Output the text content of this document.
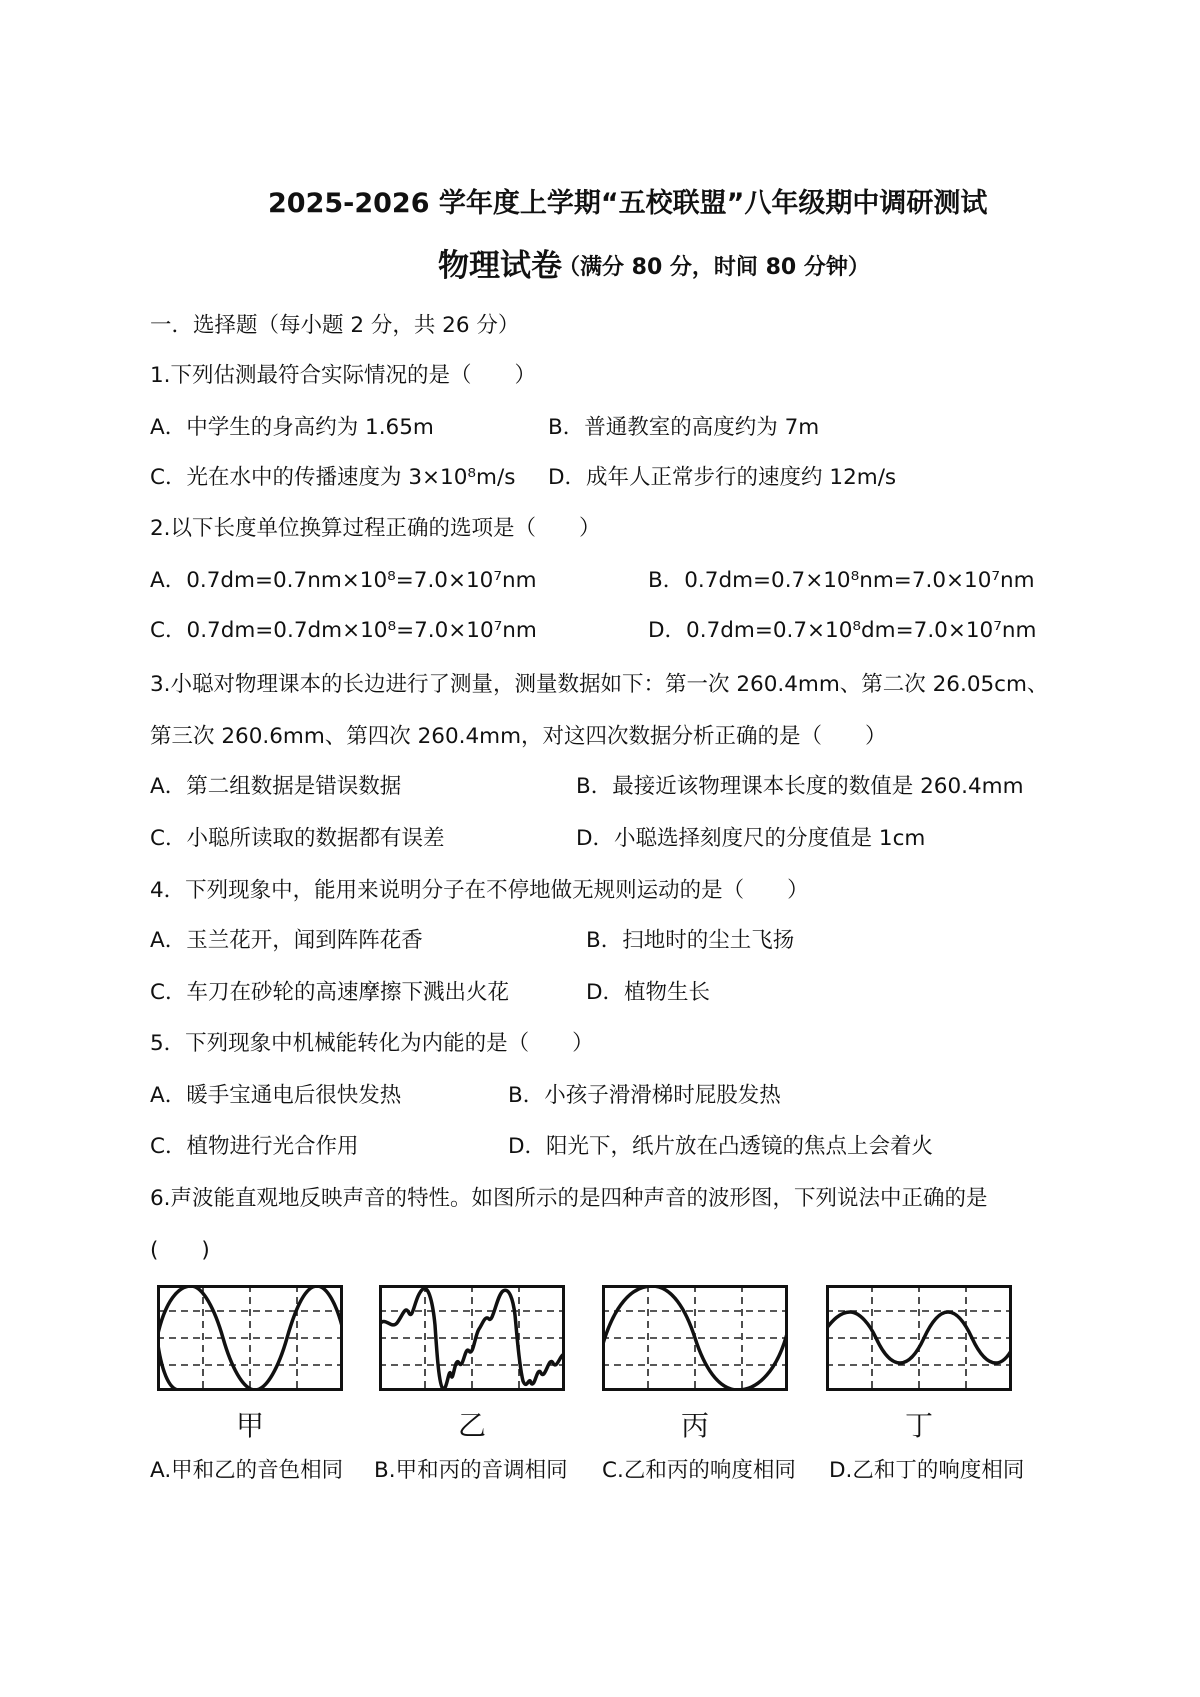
2025-2026 学年度上学期“五校联盟”八年级期中调研测试
物理试卷
（满分 80 分，时间 80 分钟）
一．选择题（每小题 2 分，共 26 分）
1.下列估测最符合实际情况的是（　　）
A．中学生的身高约为 1.65m	B．普通教室的高度约为 7m
C．光在水中的传播速度为 3×10⁸m/s D．成年人正常步行的速度约 12m/s
2.以下长度单位换算过程正确的选项是（　　）
A．0.7dm=0.7nm×10⁸=7.0×10⁷nm	B．0.7dm=0.7×10⁸nm=7.0×10⁷nm
C．0.7dm=0.7dm×10⁸=7.0×10⁷nm	D．0.7dm=0.7×10⁸dm=7.0×10⁷nm
3.小聪对物理课本的长边进行了测量，测量数据如下：第一次 260.4mm、第二次 26.05cm、
第三次 260.6mm、第四次 260.4mm，对这四次数据分析正确的是（　　）
A．第二组数据是错误数据	B．最接近该物理课本长度的数值是 260.4mm
C．小聪所读取的数据都有误差	D．小聪选择刻度尺的分度值是 1cm
4．下列现象中，能用来说明分子在不停地做无规则运动的是（　　）
A．玉兰花开，闻到阵阵花香	B．扫地时的尘土飞扬
C．车刀在砂轮的高速摩擦下溅出火花	D．植物生长
5．下列现象中机械能转化为内能的是（　　）
A．暖手宝通电后很快发热	B．小孩子滑滑梯时屁股发热
C．植物进行光合作用	D．阳光下，纸片放在凸透镜的焦点上会着火
6.声波能直观地反映声音的特性。如图所示的是四种声音的波形图，下列说法中正确的是
(　　)
甲	乙	丙	丁
A.甲和乙的音色相同 B.甲和丙的音调相同 C.乙和丙的响度相同 D.乙和丁的响度相同
